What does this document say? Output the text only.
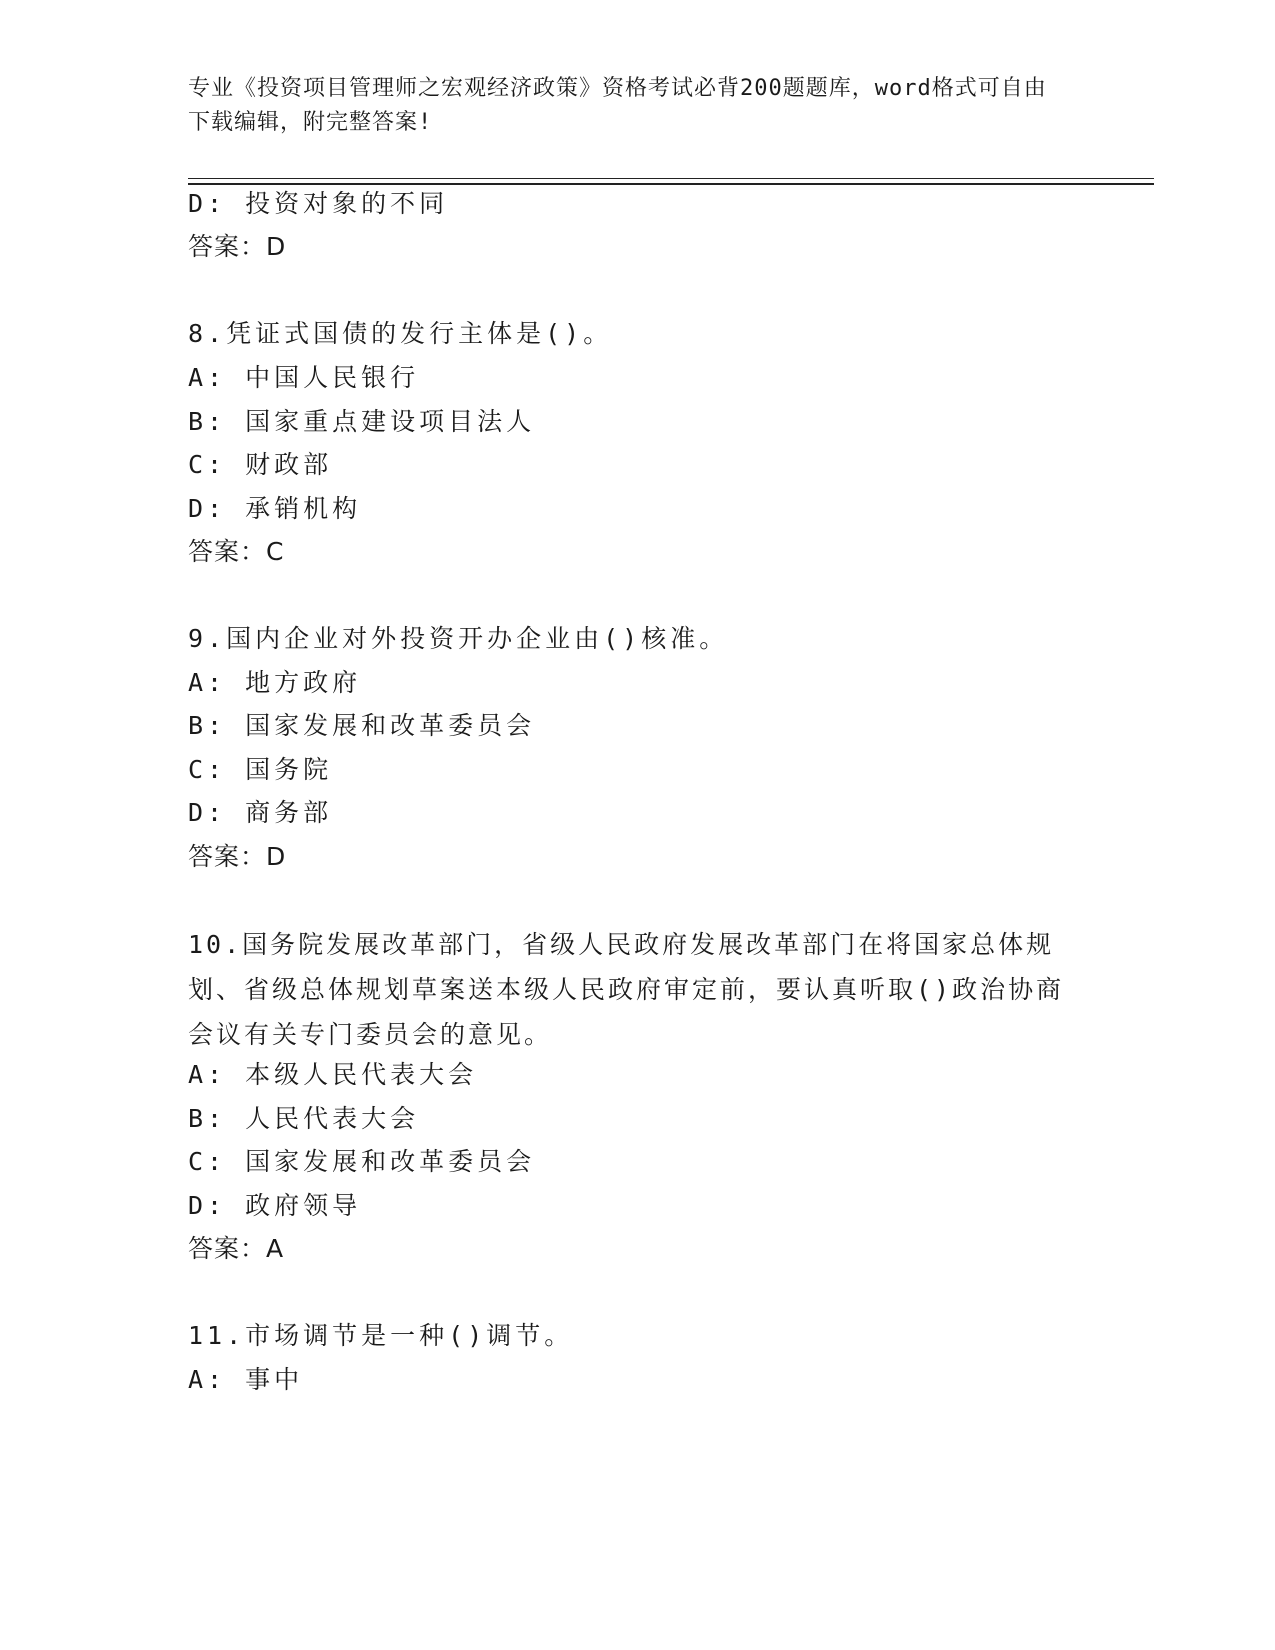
专业《投资项目管理师之宏观经济政策》资格考试必背200题题库，word格式可自由下载编辑，附完整答案!
D: 投资对象的不同
答案：D
8.凭证式国债的发行主体是()。
A: 中国人民银行
B: 国家重点建设项目法人
C: 财政部
D: 承销机构
答案：C
9.国内企业对外投资开办企业由()核准。
A: 地方政府
B: 国家发展和改革委员会
C: 国务院
D: 商务部
答案：D
10.国务院发展改革部门，省级人民政府发展改革部门在将国家总体规划、省级总体规划草案送本级人民政府审定前，要认真听取()政治协商会议有关专门委员会的意见。
A: 本级人民代表大会
B: 人民代表大会
C: 国家发展和改革委员会
D: 政府领导
答案：A
11.市场调节是一种()调节。
A: 事中
